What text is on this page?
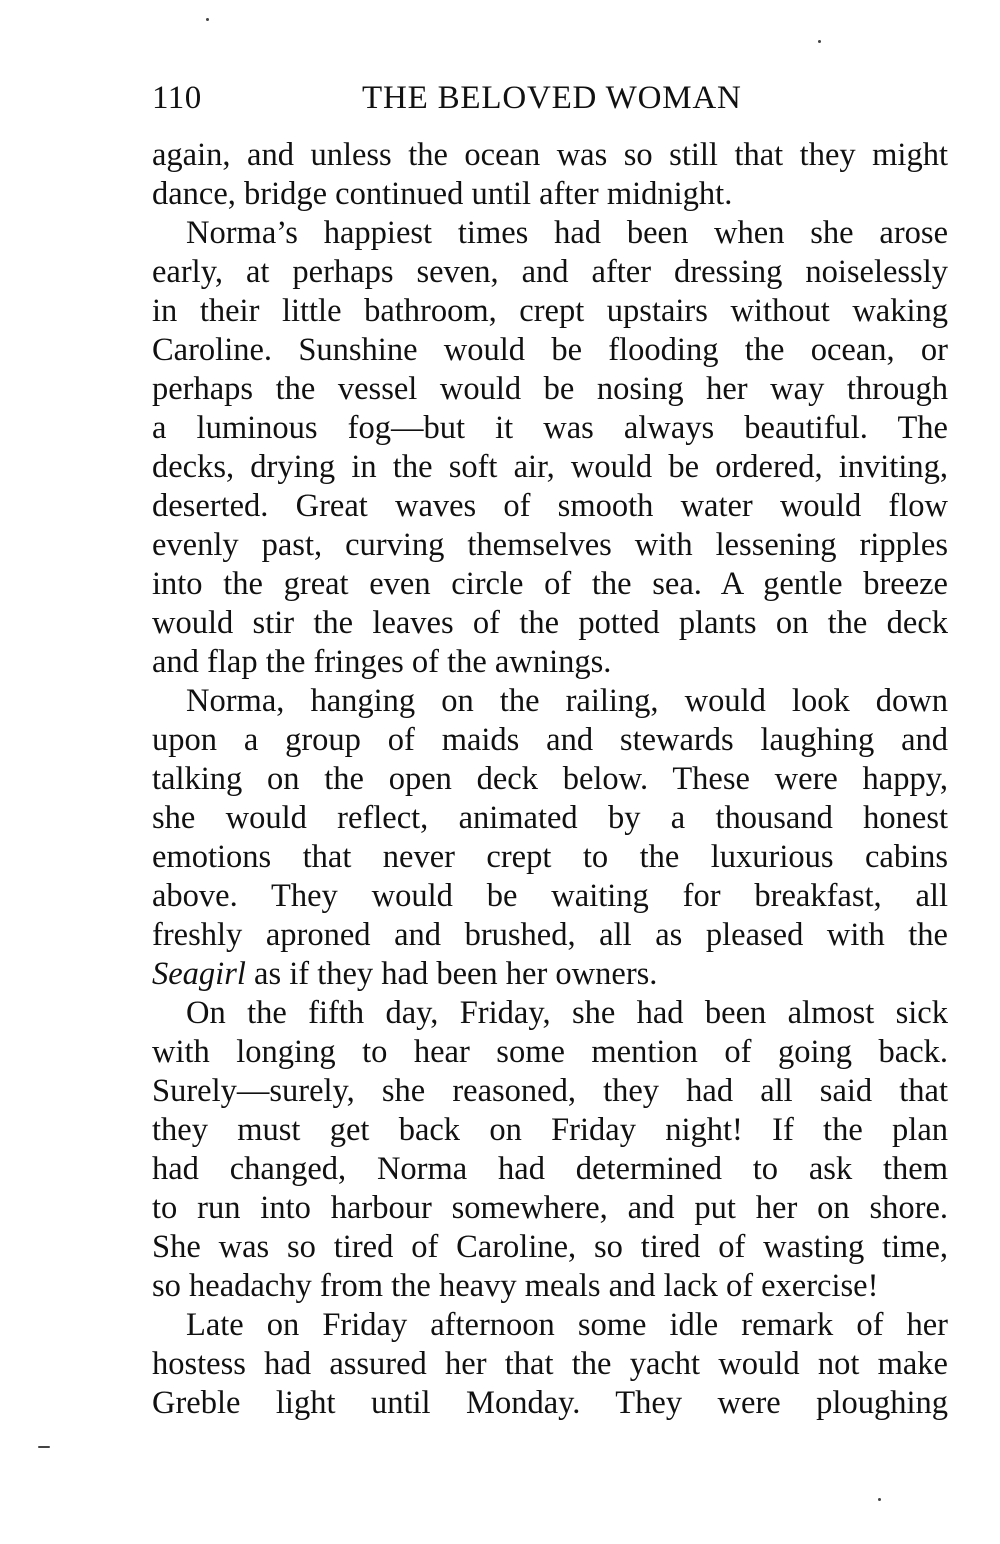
110	THE BELOVED WOMAN
again, and unless the ocean was so still that they might
dance, bridge continued until after midnight.
Norma’s happiest times had been when she arose
early, at perhaps seven, and after dressing noiselessly
in their little bathroom, crept upstairs without waking
Caroline. Sunshine would be flooding the ocean, or
perhaps the vessel would be nosing her way through
a luminous fog—but it was always beautiful. The
decks, drying in the soft air, would be ordered, inviting,
deserted. Great waves of smooth water would flow
evenly past, curving themselves with lessening ripples
into the great even circle of the sea. A gentle breeze
would stir the leaves of the potted plants on the deck
and flap the fringes of the awnings.
Norma, hanging on the railing, would look down
upon a group of maids and stewards laughing and
talking on the open deck below. These were happy,
she would reflect, animated by a thousand honest
emotions that never crept to the luxurious cabins
above. They would be waiting for breakfast, all
freshly aproned and brushed, all as pleased with the
Seagirl as if they had been her owners.
On the fifth day, Friday, she had been almost sick
with longing to hear some mention of going back.
Surely—surely, she reasoned, they had all said that
they must get back on Friday night! If the plan
had changed, Norma had determined to ask them
to run into harbour somewhere, and put her on shore.
She was so tired of Caroline, so tired of wasting time,
so headachy from the heavy meals and lack of exercise!
Late on Friday afternoon some idle remark of her
hostess had assured her that the yacht would not make
Greble light until Monday. They were ploughing
